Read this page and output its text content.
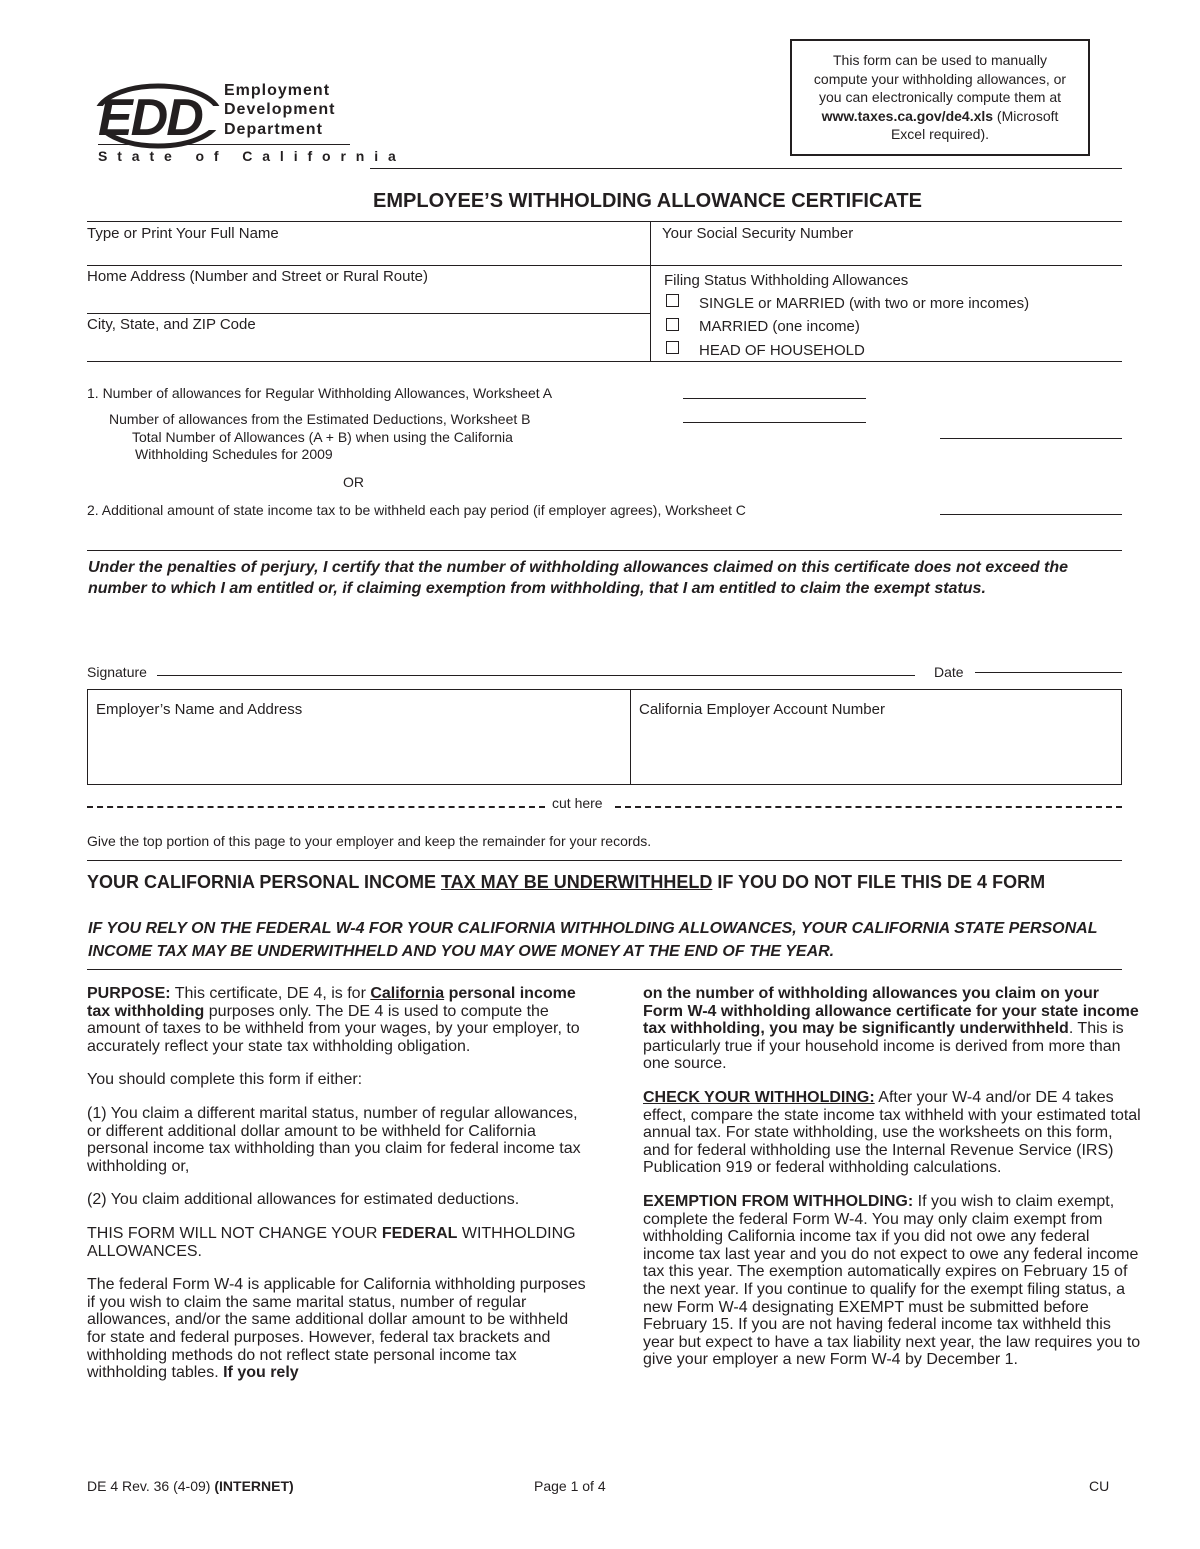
EDD Employment
Development
Department
S t a t e   o f   C a l i f o r n i a
This form can be used to manually
compute your withholding allowances, or
you can electronically compute them at
www.taxes.ca.gov/de4.xls (Microsoft
Excel required).
EMPLOYEE’S WITHHOLDING ALLOWANCE CERTIFICATE
Type or Print Your Full Name	Your Social Security Number
Home Address (Number and Street or Rural Route)	Filing Status Withholding Allowances
City, State, and ZIP Code
SINGLE or MARRIED (with two or more incomes)
MARRIED (one income)
HEAD OF HOUSEHOLD
1. Number of allowances for Regular Withholding Allowances, Worksheet A
Number of allowances from the Estimated Deductions, Worksheet B
Total Number of Allowances (A + B) when using the California
Withholding Schedules for 2009
OR
2. Additional amount of state income tax to be withheld each pay period (if employer agrees), Worksheet C
Under the penalties of perjury, I certify that the number of withholding allowances claimed on this certificate does not exceed the number to which I am entitled or, if claiming exemption from withholding, that I am entitled to claim the exempt status.
Signature	Date
Employer’s Name and Address	California Employer Account Number
cut here
Give the top portion of this page to your employer and keep the remainder for your records.
YOUR CALIFORNIA PERSONAL INCOME TAX MAY BE UNDERWITHHELD IF YOU DO NOT FILE THIS DE 4 FORM
IF YOU RELY ON THE FEDERAL W-4 FOR YOUR CALIFORNIA WITHHOLDING ALLOWANCES, YOUR CALIFORNIA STATE PERSONAL INCOME TAX MAY BE UNDERWITHHELD AND YOU MAY OWE MONEY AT THE END OF THE YEAR.

PURPOSE: This certificate, DE 4, is for California personal income tax withholding purposes only. The DE 4 is used to compute the amount of taxes to be withheld from your wages, by your employer, to accurately reflect your state tax withholding obligation.

You should complete this form if either:

(1) You claim a different marital status, number of regular allowances, or different additional dollar amount to be withheld for California personal income tax withholding than you claim for federal income tax withholding or,

(2) You claim additional allowances for estimated deductions.

THIS FORM WILL NOT CHANGE YOUR FEDERAL WITHHOLDING ALLOWANCES.

The federal Form W-4 is applicable for California withholding purposes if you wish to claim the same marital status, number of regular allowances, and/or the same additional dollar amount to be withheld for state and federal purposes. However, federal tax brackets and withholding methods do not reflect state personal income tax withholding tables. If you rely

on the number of withholding allowances you claim on your Form W-4 withholding allowance certificate for your state income tax withholding, you may be significantly underwithheld. This is particularly true if your household income is derived from more than one source.

CHECK YOUR WITHHOLDING: After your W-4 and/or DE 4 takes effect, compare the state income tax withheld with your estimated total annual tax. For state withholding, use the worksheets on this form, and for federal withholding use the Internal Revenue Service (IRS) Publication 919 or federal withholding calculations.

EXEMPTION FROM WITHHOLDING: If you wish to claim exempt, complete the federal Form W-4. You may only claim exempt from withholding California income tax if you did not owe any federal income tax last year and you do not expect to owe any federal income tax this year. The exemption automatically expires on February 15 of the next year. If you continue to qualify for the exempt filing status, a new Form W-4 designating EXEMPT must be submitted before February 15. If you are not having federal income tax withheld this year but expect to have a tax liability next year, the law requires you to give your employer a new Form W-4 by December 1.

DE 4 Rev. 36 (4-09) (INTERNET)	Page 1 of 4	CU
